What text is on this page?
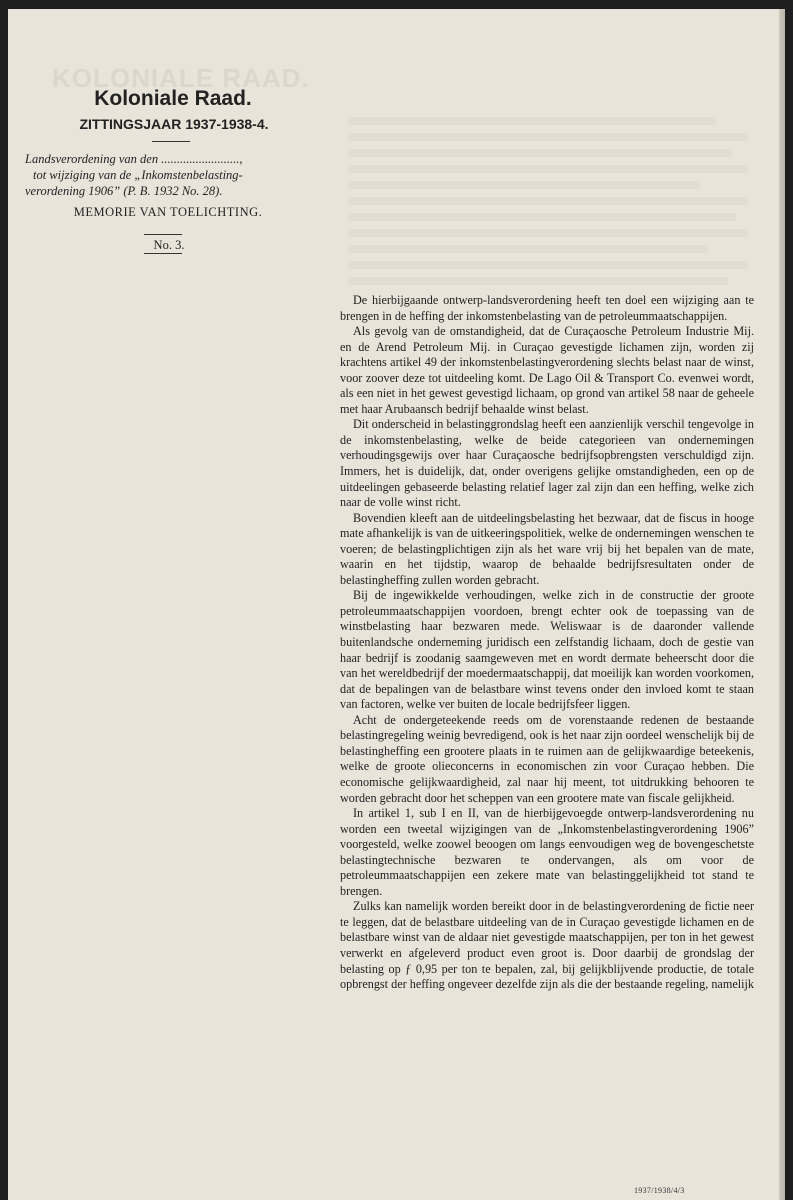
KOLONIALE RAAD.
Koloniale Raad.
ZITTINGSJAAR 1937-1938-4.
Landsverordening van den .........................,
tot wijziging van de „Inkomstenbelasting-
verordening 1906” (P. B. 1932 No. 28).
MEMORIE VAN TOELICHTING.
No. 3.

De hierbijgaande ontwerp-landsverordening heeft ten doel een wijziging aan te brengen in de heffing der inkomstenbelasting van de petroleummaatschappijen.

Als gevolg van de omstandigheid, dat de Curaçaosche Petroleum Industrie Mij. en de Arend Petroleum Mij. in Curaçao gevestigde lichamen zijn, worden zij krachtens artikel 49 der inkomstenbelastingverordening slechts belast naar de winst, voor zoover deze tot uitdeeling komt. De Lago Oil & Transport Co. evenwei wordt, als een niet in het gewest gevestigd lichaam, op grond van artikel 58 naar de geheele met haar Arubaansch bedrijf behaalde winst belast.

Dit onderscheid in belastinggrondslag heeft een aanzienlijk verschil tengevolge in de inkomstenbelasting, welke de beide categorieen van ondernemingen verhoudingsgewijs over haar Curaçaosche bedrijfsopbrengsten verschuldigd zijn. Immers, het is duidelijk, dat, onder overigens gelijke omstandigheden, een op de uitdeelingen gebaseerde belasting relatief lager zal zijn dan een heffing, welke zich naar de volle winst richt.

Bovendien kleeft aan de uitdeelingsbelasting het bezwaar, dat de fiscus in hooge mate afhankelijk is van de uitkeeringspolitiek, welke de ondernemingen wenschen te voeren; de belastingplichtigen zijn als het ware vrij bij het bepalen van de mate, waarin en het tijdstip, waarop de behaalde bedrijfsresultaten onder de belastingheffing zullen worden gebracht.

Bij de ingewikkelde verhoudingen, welke zich in de constructie der groote petroleummaatschappijen voordoen, brengt echter ook de toepassing van de winstbelasting haar bezwaren mede. Weliswaar is de daaronder vallende buitenlandsche onderneming juridisch een zelfstandig lichaam, doch de gestie van haar bedrijf is zoodanig saamgeweven met en wordt dermate beheerscht door die van het wereldbedrijf der moedermaatschappij, dat moeilijk kan worden voorkomen, dat de bepalingen van de belastbare winst tevens onder den invloed komt te staan van factoren, welke ver buiten de locale bedrijfsfeer liggen.

Acht de ondergeteekende reeds om de vorenstaande redenen de bestaande belastingregeling weinig bevredigend, ook is het naar zijn oordeel wenschelijk bij de belastingheffing een grootere plaats in te ruimen aan de gelijkwaardige beteekenis, welke de groote olieconcerns in economischen zin voor Curaçao hebben. Die economische gelijkwaardigheid, zal naar hij meent, tot uitdrukking behooren te worden gebracht door het scheppen van een grootere mate van fiscale gelijkheid.

In artikel 1, sub I en II, van de hierbijgevoegde ontwerp-landsverordening nu worden een tweetal wijzigingen van de „Inkomstenbelastingverordening 1906” voorgesteld, welke zoowel beoogen om langs eenvoudigen weg de bovengeschetste belastingtechnische bezwaren te ondervangen, als om voor de petroleummaatschappijen een zekere mate van belastinggelijkheid tot stand te brengen.

Zulks kan namelijk worden bereikt door in de belastingverordening de fictie neer te leggen, dat de belastbare uitdeeling van de in Curaçao gevestigde lichamen en de belastbare winst van de aldaar niet gevestigde maatschappijen, per ton in het gewest verwerkt en afgeleverd product even groot is. Door daarbij de grondslag der belasting op ƒ 0,95 per ton te bepalen, zal, bij gelijkblijvende productie, de totale opbrengst der heffing ongeveer dezelfde zijn als die der bestaande regeling, namelijk

1937/1938/4/3
